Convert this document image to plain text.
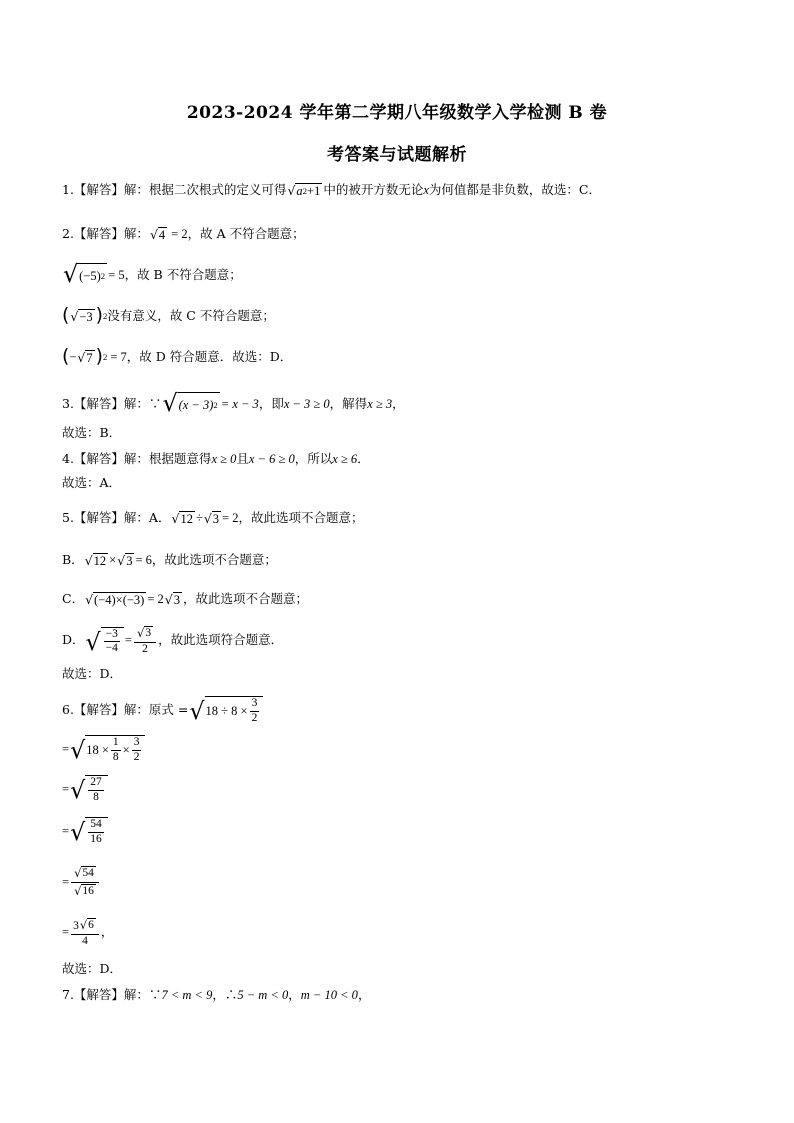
2023-2024 学年第二学期八年级数学入学检测 B 卷
考答案与试题解析
1.【解答】解：根据二次根式的定义可得 √ a 2 +1 中的被开方数无论 x 为何值都是非负数，故选：C．
2.【解答】解： √ 4 = 2 ，故 A 不符合题意；
√ (−5) 2 = 5 ，故 B 不符合题意；
( √ −3 ) 2 没有意义，故 C 不符合题意；
( − √ 7 ) 2 = 7 ，故 D 符合题意．故选：D．
3.【解答】解：∵ √ (x − 3) 2 = x − 3 ，即 x − 3 ≥ 0 ，解得 x ≥ 3 ，
故选：B．
4.【解答】解：根据题意得 x ≥ 0 且 x − 6 ≥ 0 ，所以 x ≥ 6 ．
故选：A．
5.【解答】解：A． √ 12 ÷ √ 3 = 2 ，故此选项不合题意；
B． √ 12 × √ 3 = 6 ，故此选项不合题意；
C． √ (−4)×(−3) = 2 √ 3 ，故此选项不合题意；
D． √ $\frac{-3}{-4} = \frac{√ 3}{2}$ ，故此选项符合题意．
故选：D．
6.【解答】解：原式 = √ $18 \div 8 \times \frac{3}{2}$
= √ $18 \times \frac{1}{8} \times \frac{3}{2}$
= √ $\frac{27}{8}$
= √ $\frac{54}{16}$
= $\frac{√ 54}{√ 16}$
= $\frac{3 √ 6}{4}$ ，
故选：D．
7.【解答】解：∵ 7 < m < 9 ，∴ 5 − m < 0 ， m − 10 < 0 ，
